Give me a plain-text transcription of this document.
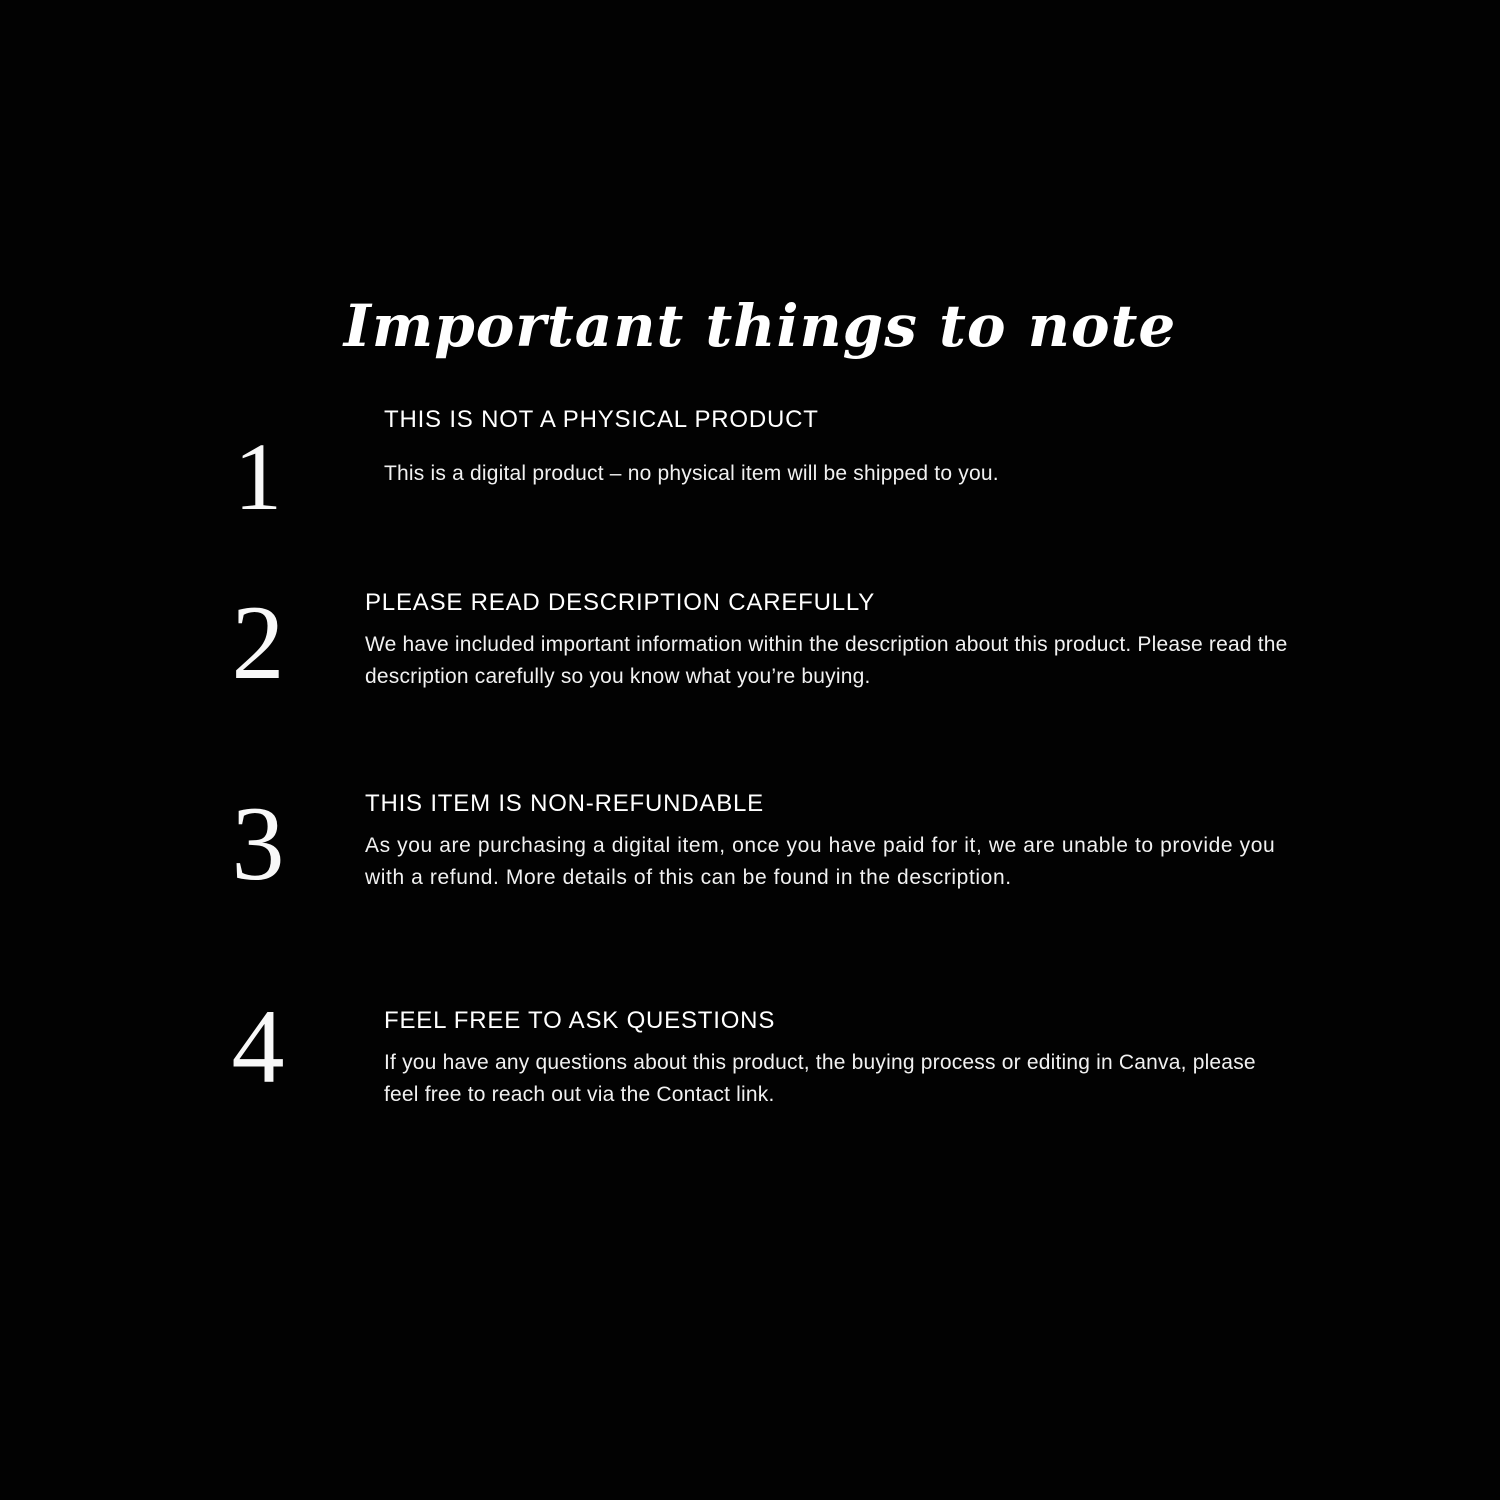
Important things to note
1
THIS IS NOT A PHYSICAL PRODUCT

This is a digital product – no physical item will be shipped to you.

2	PLEASE READ DESCRIPTION CAREFULLY

We have included important information within the description about this product. Please read the description carefully so you know what you’re buying.

3	THIS ITEM IS NON-REFUNDABLE

As you are purchasing a digital item, once you have paid for it, we are unable to provide you with a refund. More details of this can be found in the description.

4	FEEL FREE TO ASK QUESTIONS

If you have any questions about this product, the buying process or editing in Canva, please feel free to reach out via the Contact link.
